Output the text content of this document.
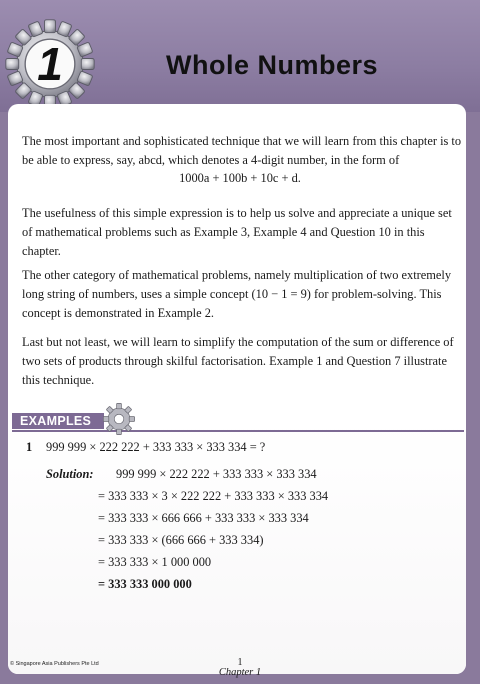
1	Whole Numbers

The most important and sophisticated technique that we will learn from this chapter is to be able to express, say, abcd, which denotes a 4-digit number, in the form of

1000a + 100b + 10c + d.

The usefulness of this simple expression is to help us solve and appreciate a unique set of mathematical problems such as Example 3, Example 4 and Question 10 in this chapter.

The other category of mathematical problems, namely multiplication of two extremely long string of numbers, uses a simple concept (10 − 1 = 9) for problem-solving. This concept is demonstrated in Example 2.

Last but not least, we will learn to simplify the computation of the sum or difference of two sets of products through skilful factorisation. Example 1 and Question 7 illustrate this technique.

EXAMPLES
1 999 999 × 222 222 + 333 333 × 333 334 = ?
Solution: 999 999 × 222 222 + 333 333 × 333 334
= 333 333 × 3 × 222 222 + 333 333 × 333 334
= 333 333 × 666 666 + 333 333 × 333 334
= 333 333 × (666 666 + 333 334)
= 333 333 × 1 000 000
= 333 333 000 000
© Singapore Asia Publishers Pte Ltd	1
Chapter 1
